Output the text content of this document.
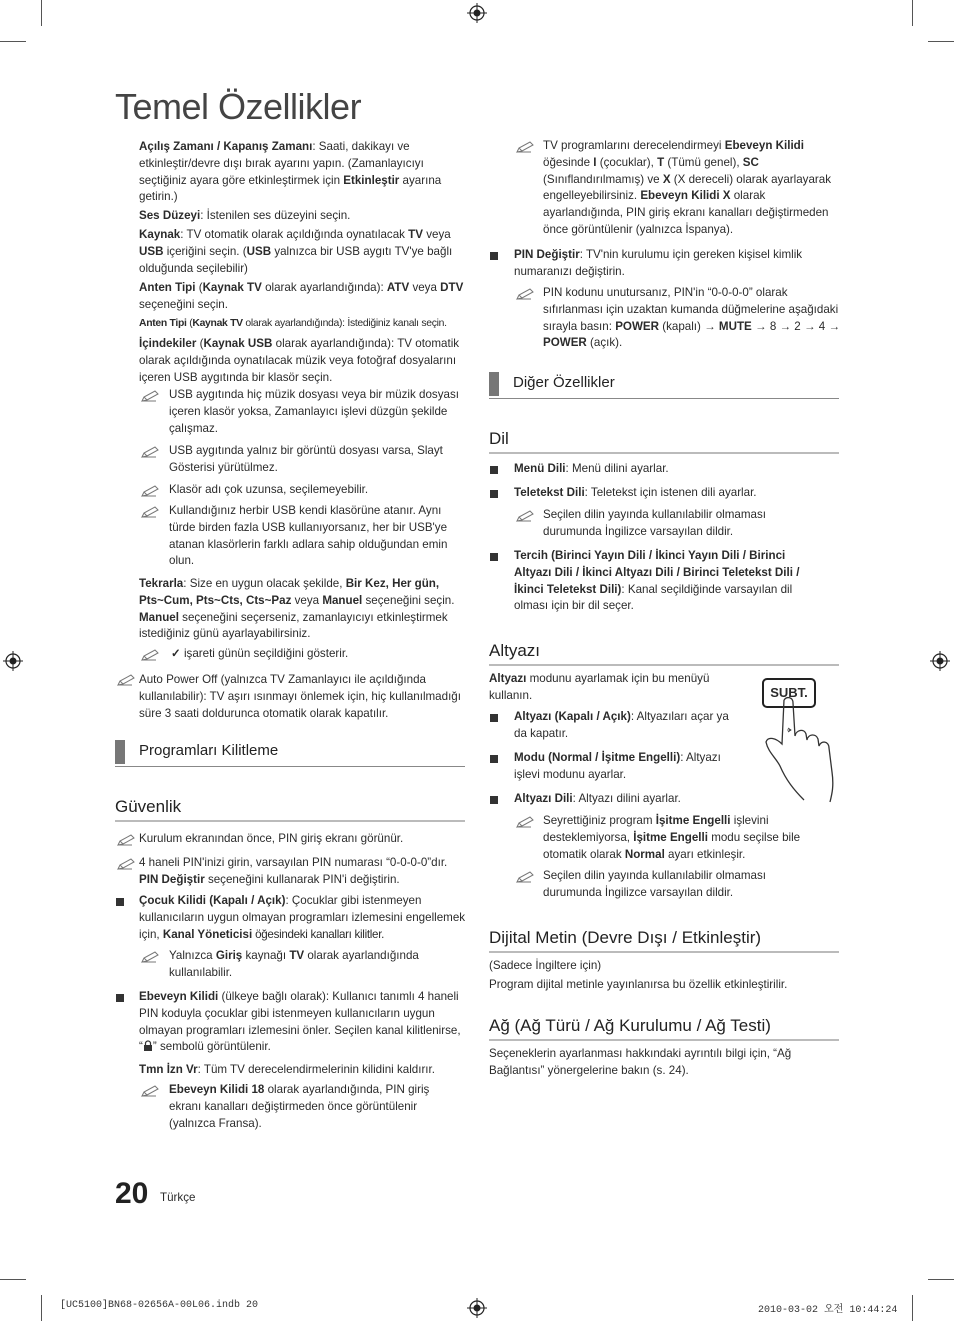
Temel Özellikler
Açılış Zamanı / Kapanış Zamanı: Saati, dakikayı ve etkinleştir/devre dışı bırak ayarını yapın. (Zamanlayıcıyı seçtiğiniz ayara göre etkinleştirmek için Etkinleştir ayarına getirin.)
Ses Düzeyi: İstenilen ses düzeyini seçin.
Kaynak: TV otomatik olarak açıldığında oynatılacak TV veya USB içeriğini seçin. (USB yalnızca bir USB aygıtı TV'ye bağlı olduğunda seçilebilir)
Anten Tipi (Kaynak TV olarak ayarlandığında): ATV veya DTV seçeneğini seçin.
Anten Tipi (Kaynak TV olarak ayarlandığında): İstediğiniz kanalı seçin.
İçindekiler (Kaynak USB olarak ayarlandığında): TV otomatik olarak açıldığında oynatılacak müzik veya fotoğraf dosyalarını içeren USB aygıtında bir klasör seçin.
USB aygıtında hiç müzik dosyası veya bir müzik dosyası içeren klasör yoksa, Zamanlayıcı işlevi düzgün şekilde çalışmaz.
USB aygıtında yalnız bir görüntü dosyası varsa, Slayt Gösterisi yürütülmez.
Klasör adı çok uzunsa, seçilemeyebilir.
Kullandığınız herbir USB kendi klasörüne atanır. Aynı türde birden fazla USB kullanıyorsanız, her bir USB'ye atanan klasörlerin farklı adlara sahip olduğundan emin olun.
Tekrarla: Size en uygun olacak şekilde, Bir Kez, Her gün, Pts~Cum, Pts~Cts, Cts~Paz veya Manuel seçeneğini seçin. Manuel seçeneğini seçerseniz, zamanlayıcıyı etkinleştirmek istediğiniz günü ayarlayabilirsiniz.
✓ işareti günün seçildiğini gösterir.
Auto Power Off (yalnızca TV Zamanlayıcı ile açıldığında kullanılabilir): TV aşırı ısınmayı önlemek için, hiç kullanılmadığı süre 3 saati doldurunca otomatik olarak kapatılır.
Programları Kilitleme
Güvenlik
Kurulum ekranından önce, PIN giriş ekranı görünür.
4 haneli PIN'inizi girin, varsayılan PIN numarası “0-0-0-0”dır. PIN Değiştir seçeneğini kullanarak PIN'i değiştirin.
Çocuk Kilidi (Kapalı / Açık): Çocuklar gibi istenmeyen kullanıcıların uygun olmayan programları izlemesini engellemek için, Kanal Yöneticisi öğesindeki kanalları kilitler.
Yalnızca Giriş kaynağı TV olarak ayarlandığında kullanılabilir.
Ebeveyn Kilidi (ülkeye bağlı olarak): Kullanıcı tanımlı 4 haneli PIN koduyla çocuklar gibi istenmeyen kullanıcıların uygun olmayan programları izlemesini önler. Seçilen kanal kilitlenirse, “ ” sembolü görüntülenir.
Tmn İzn Vr: Tüm TV derecelendirmelerinin kilidini kaldırır.
Ebeveyn Kilidi 18 olarak ayarlandığında, PIN giriş ekranı kanalları değiştirmeden önce görüntülenir (yalnızca Fransa).
TV programlarını derecelendirmeyi Ebeveyn Kilidi öğesinde I (çocuklar), T (Tümü genel), SC (Sınıflandırılmamış) ve X (X dereceli) olarak ayarlayarak engelleyebilirsiniz. Ebeveyn Kilidi X olarak ayarlandığında, PIN giriş ekranı kanalları değiştirmeden önce görüntülenir (yalnızca İspanya).
PIN Değiştir: TV'nin kurulumu için gereken kişisel kimlik numaranızı değiştirin.
PIN kodunu unutursanız, PIN'in “0-0-0-0” olarak sıfırlanması için uzaktan kumanda düğmelerine aşağıdaki sırayla basın: POWER (kapalı) → MUTE → 8 → 2 → 4 → POWER (açık).
Diğer Özellikler
Dil
Menü Dili: Menü dilini ayarlar.
Teletekst Dili: Teletekst için istenen dili ayarlar.
Seçilen dilin yayında kullanılabilir olmaması durumunda İngilizce varsayılan dildir.
Tercih (Birinci Yayın Dili / İkinci Yayın Dili / Birinci Altyazı Dili / İkinci Altyazı Dili / Birinci Teletekst Dili / İkinci Teletekst Dili): Kanal seçildiğinde varsayılan dil olması için bir dil seçer.
Altyazı
Altyazı modunu ayarlamak için bu menüyü kullanın.
Altyazı (Kapalı / Açık): Altyazıları açar ya da kapatır.
Modu (Normal / İşitme Engelli): Altyazı işlevi modunu ayarlar.
Altyazı Dili: Altyazı dilini ayarlar.
Seyrettiğiniz program İşitme Engelli işlevini desteklemiyorsa, İşitme Engelli modu seçilse bile otomatik olarak Normal ayarı etkinleşir.
Seçilen dilin yayında kullanılabilir olmaması durumunda İngilizce varsayılan dildir.
SUBT.
Dijital Metin (Devre Dışı / Etkinleştir)
(Sadece İngiltere için)
Program dijital metinle yayınlanırsa bu özellik etkinleştirilir.
Ağ (Ağ Türü / Ağ Kurulumu / Ağ Testi)
Seçeneklerin ayarlanması hakkındaki ayrıntılı bilgi için, “Ağ Bağlantısı” yönergelerine bakın (s. 24).
20 Türkçe
[UC5100]BN68-02656A-00L06.indb 20	2010-03-02 오전 10:44:24
